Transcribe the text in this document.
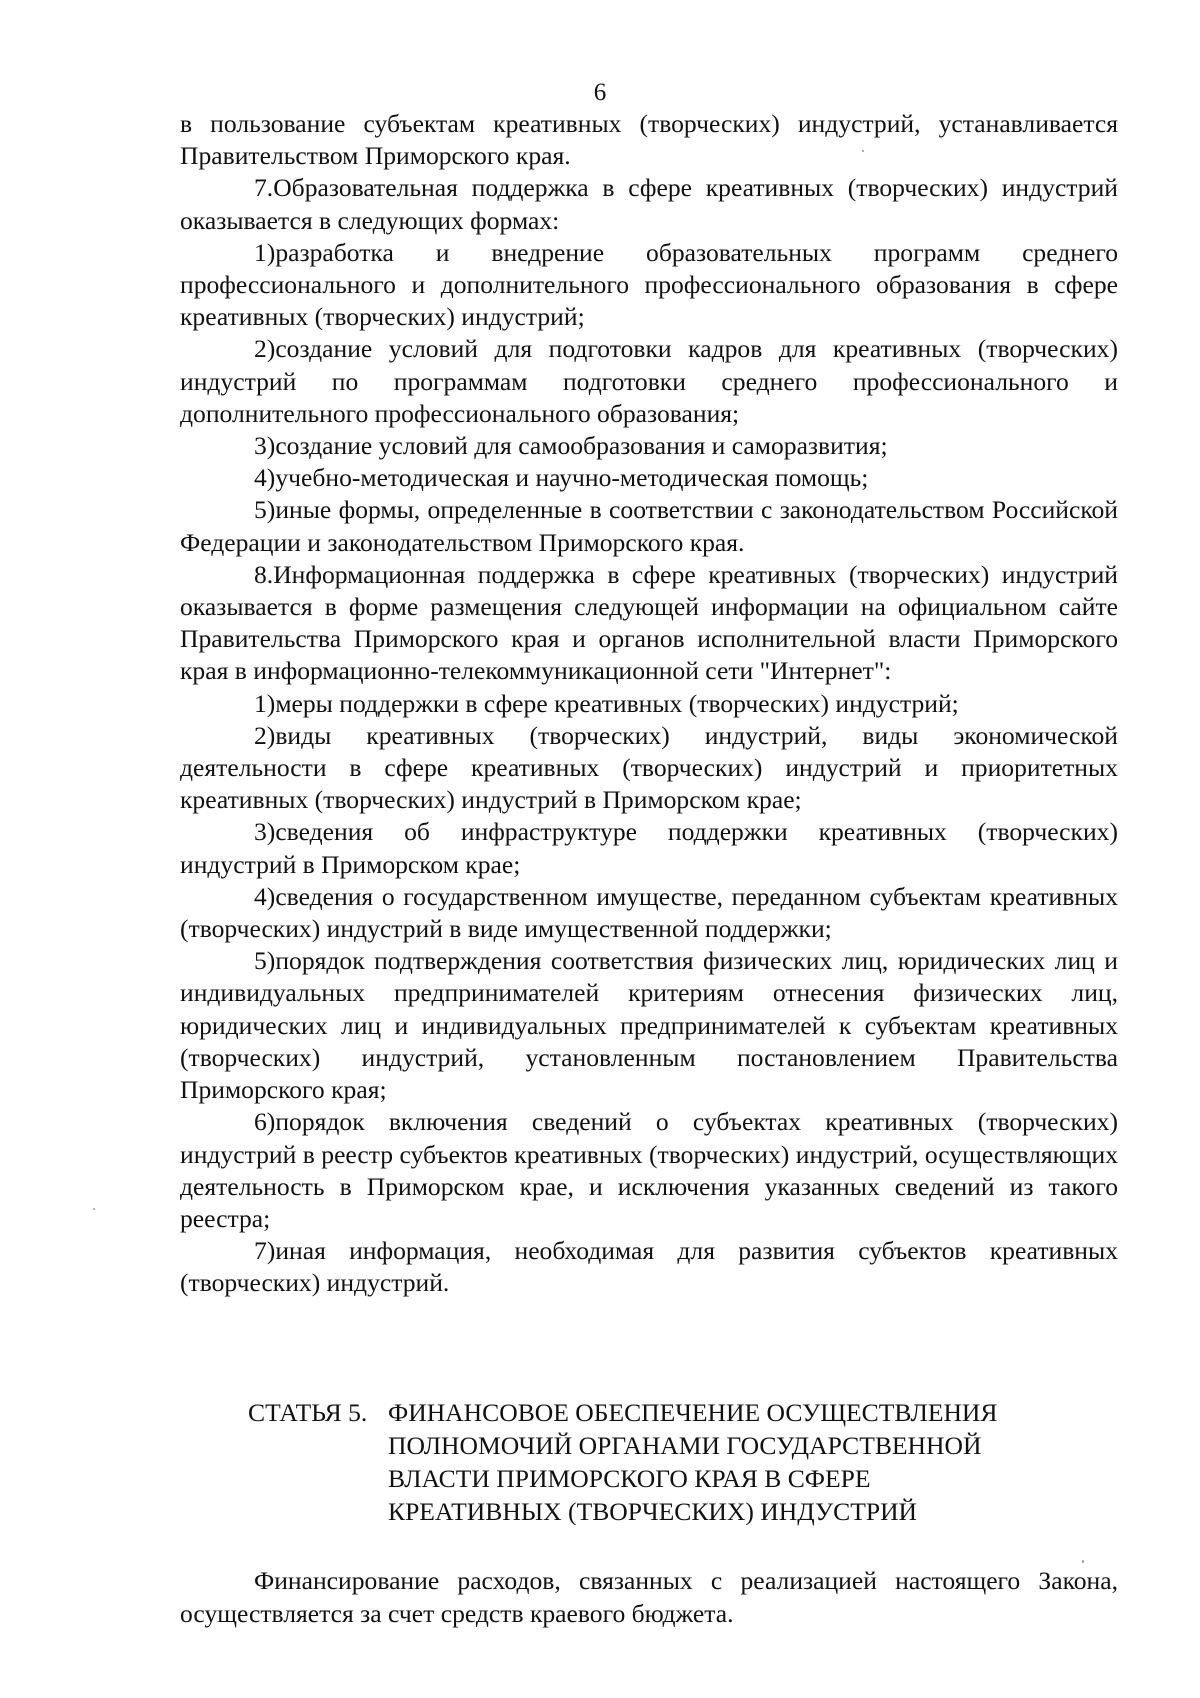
6

в пользование субъектам креативных (творческих) индустрий, устанавливается Правительством Приморского края.

7.Образовательная поддержка в сфере креативных (творческих) индустрий оказывается в следующих формах:

1)разработка и внедрение образовательных программ среднего профессионального и дополнительного профессионального образования в сфере креативных (творческих) индустрий;

2)создание условий для подготовки кадров для креативных (творческих) индустрий по программам подготовки среднего профессионального и дополнительного профессионального образования;

3)создание условий для самообразования и саморазвития;

4)учебно-методическая и научно-методическая помощь;

5)иные формы, определенные в соответствии с законодательством Российской Федерации и законодательством Приморского края.

8.Информационная поддержка в сфере креативных (творческих) индустрий оказывается в форме размещения следующей информации на официальном сайте Правительства Приморского края и органов исполнительной власти Приморского края в информационно-телекоммуникационной сети "Интернет":

1)меры поддержки в сфере креативных (творческих) индустрий;

2)виды креативных (творческих) индустрий, виды экономической деятельности в сфере креативных (творческих) индустрий и приоритетных креативных (творческих) индустрий в Приморском крае;

3)сведения об инфраструктуре поддержки креативных (творческих) индустрий в Приморском крае;

4)сведения о государственном имуществе, переданном субъектам креативных (творческих) индустрий в виде имущественной поддержки;

5)порядок подтверждения соответствия физических лиц, юридических лиц и индивидуальных предпринимателей критериям отнесения физических лиц, юридических лиц и индивидуальных предпринимателей к субъектам креативных (творческих) индустрий, установленным постановлением Правительства Приморского края;

6)порядок включения сведений о субъектах креативных (творческих) индустрий в реестр субъектов креативных (творческих) индустрий, осуществляющих деятельность в Приморском крае, и исключения указанных сведений из такого реестра;

7)иная информация, необходимая для развития субъектов креативных (творческих) индустрий.

СТАТЬЯ 5. ФИНАНСОВОЕ ОБЕСПЕЧЕНИЕ ОСУЩЕСТВЛЕНИЯ
ПОЛНОМОЧИЙ ОРГАНАМИ ГОСУДАРСТВЕННОЙ
ВЛАСТИ ПРИМОРСКОГО КРАЯ В СФЕРЕ
КРЕАТИВНЫХ (ТВОРЧЕСКИХ) ИНДУСТРИЙ

Финансирование расходов, связанных с реализацией настоящего Закона, осуществляется за счет средств краевого бюджета.
